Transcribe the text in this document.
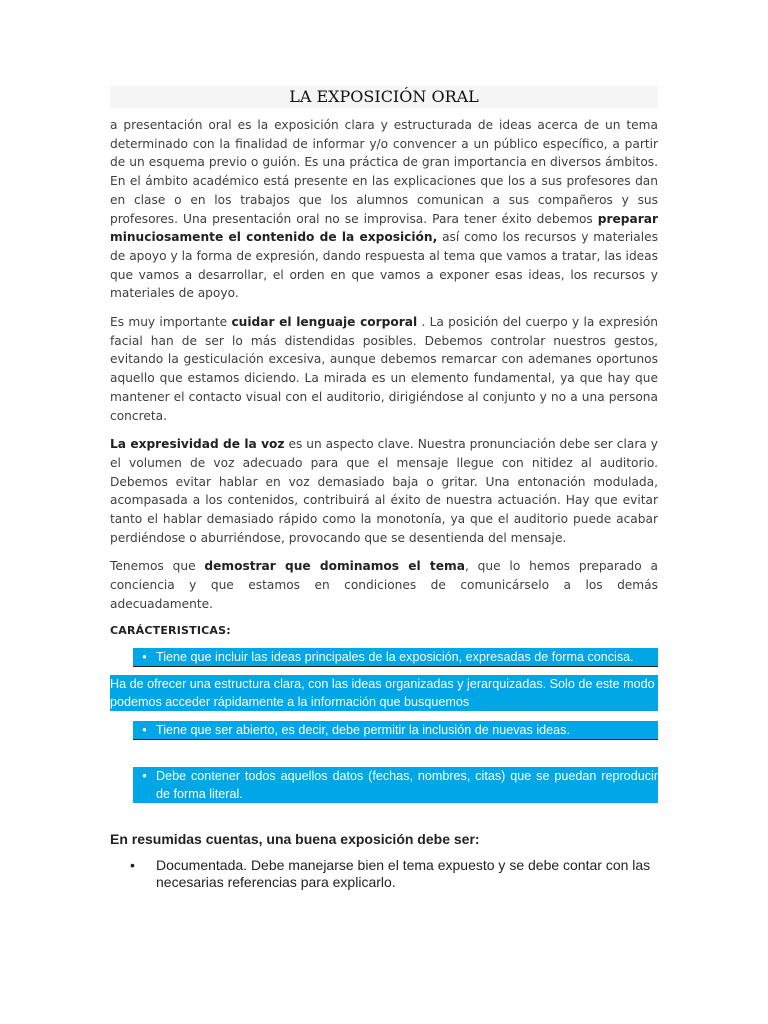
LA EXPOSICIÓN ORAL

a presentación oral es la exposición clara y estructurada de ideas acerca de un tema determinado con la finalidad de informar y/o convencer a un público específico, a partir de un esquema previo o guión. Es una práctica de gran importancia en diversos ámbitos. En el ámbito académico está presente en las explicaciones que los a sus profesores dan en clase o en los trabajos que los alumnos comunican a sus compañeros y sus profesores. Una presentación oral no se improvisa. Para tener éxito debemos preparar minuciosamente el contenido de la exposición, así como los recursos y materiales de apoyo y la forma de expresión, dando respuesta al tema que vamos a tratar, las ideas que vamos a desarrollar, el orden en que vamos a exponer esas ideas, los recursos y materiales de apoyo.

Es muy importante cuidar el lenguaje corporal . La posición del cuerpo y la expresión facial han de ser lo más distendidas posibles. Debemos controlar nuestros gestos, evitando la gesticulación excesiva, aunque debemos remarcar con ademanes oportunos aquello que estamos diciendo. La mirada es un elemento fundamental, ya que hay que mantener el contacto visual con el auditorio, dirigiéndose al conjunto y no a una persona concreta.

La expresividad de la voz es un aspecto clave. Nuestra pronunciación debe ser clara y el volumen de voz adecuado para que el mensaje llegue con nitidez al auditorio. Debemos evitar hablar en voz demasiado baja o gritar. Una entonación modulada, acompasada a los contenidos, contribuirá al éxito de nuestra actuación. Hay que evitar tanto el hablar demasiado rápido como la monotonía, ya que el auditorio puede acabar perdiéndose o aburriéndose, provocando que se desentienda del mensaje.

Tenemos que demostrar que dominamos el tema, que lo hemos preparado a conciencia y que estamos en condiciones de comunicárselo a los demás adecuadamente.

CARÁCTERISTICAS:
• Tiene que incluir las ideas principales de la exposición, expresadas de forma concisa.
Ha de ofrecer una estructura clara, con las ideas organizadas y jerarquizadas. Solo de este modo podemos acceder rápidamente a la información que busquemos
• Tiene que ser abierto, es decir, debe permitir la inclusión de nuevas ideas.
• Debe contener todos aquellos datos (fechas, nombres, citas) que se puedan reproducir de forma literal.
En resumidas cuentas, una buena exposición debe ser:
• Documentada. Debe manejarse bien el tema expuesto y se debe contar con las necesarias referencias para explicarlo.
